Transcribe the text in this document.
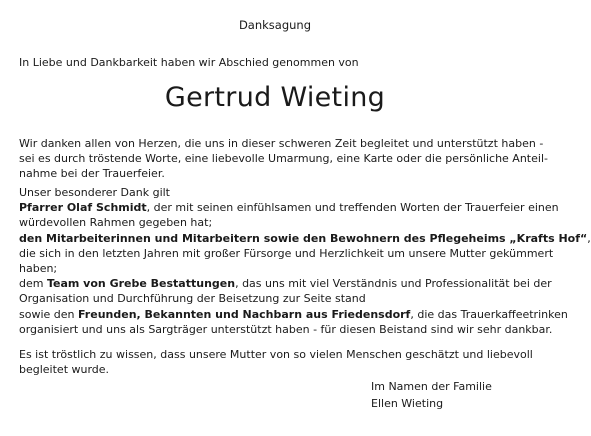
Danksagung
In Liebe und Dankbarkeit haben wir Abschied genommen von
Gertrud Wieting
Wir danken allen von Herzen, die uns in dieser schweren Zeit begleitet und unterstützt haben -
sei es durch tröstende Worte, eine liebevolle Umarmung, eine Karte oder die persönliche Anteil-
nahme bei der Trauerfeier.
Unser besonderer Dank gilt
Pfarrer Olaf Schmidt, der mit seinen einfühlsamen und treffenden Worten der Trauerfeier einen
würdevollen Rahmen gegeben hat;
den Mitarbeiterinnen und Mitarbeitern sowie den Bewohnern des Pflegeheims „Krafts Hof“,
die sich in den letzten Jahren mit großer Fürsorge und Herzlichkeit um unsere Mutter gekümmert
haben;
dem Team von Grebe Bestattungen, das uns mit viel Verständnis und Professionalität bei der
Organisation und Durchführung der Beisetzung zur Seite stand
sowie den Freunden, Bekannten und Nachbarn aus Friedensdorf, die das Trauerkaffeetrinken
organisiert und uns als Sargträger unterstützt haben - für diesen Beistand sind wir sehr dankbar.
Es ist tröstlich zu wissen, dass unsere Mutter von so vielen Menschen geschätzt und liebevoll
begleitet wurde.
Im Namen der Familie
Ellen Wieting
